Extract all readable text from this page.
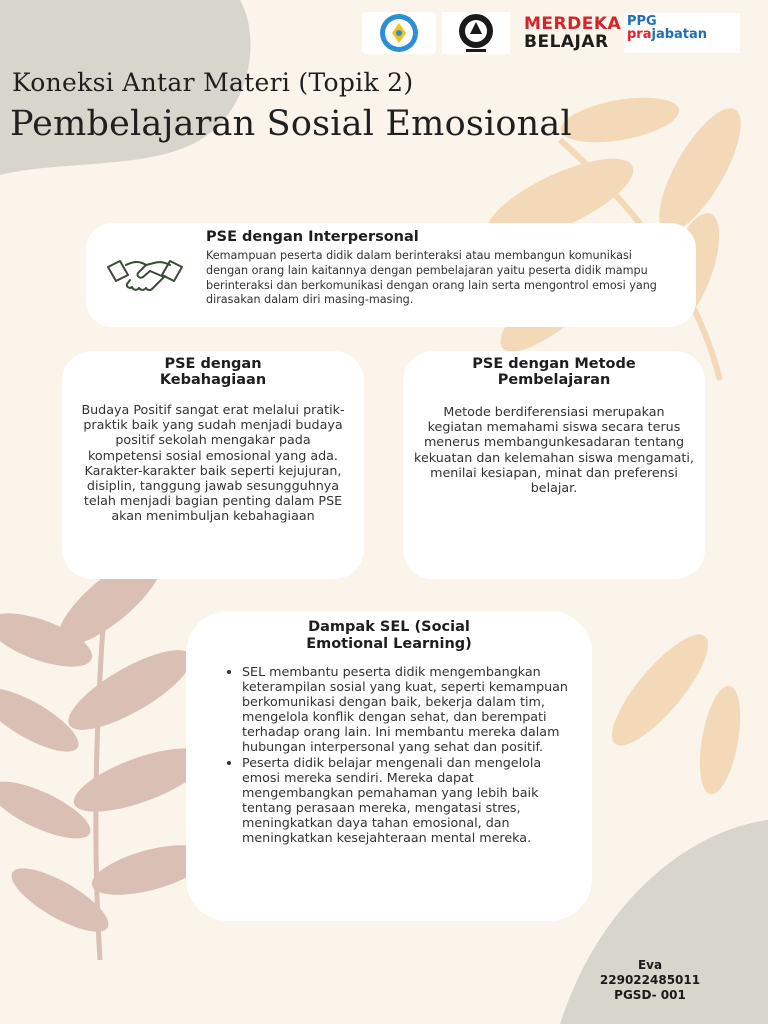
MERDEKA
BELAJAR
PPG
prajabatan
Koneksi Antar Materi (Topik 2)
Pembelajaran Sosial Emosional
PSE dengan Interpersonal

Kemampuan peserta didik dalam berinteraksi atau membangun komunikasi dengan orang lain kaitannya dengan pembelajaran yaitu peserta didik mampu berinteraksi dan berkomunikasi dengan orang lain serta mengontrol emosi yang dirasakan dalam diri masing-masing.

PSE dengan
Kebahagiaan

Budaya Positif sangat erat melalui pratik-praktik baik yang sudah menjadi budaya positif sekolah mengakar pada kompetensi sosial emosional yang ada. Karakter-karakter baik seperti kejujuran, disiplin, tanggung jawab sesungguhnya telah menjadi bagian penting dalam PSE akan menimbuljan kebahagiaan

PSE dengan Metode
Pembelajaran

Metode berdiferensiasi merupakan kegiatan memahami siswa secara terus menerus membangunkesadaran tentang kekuatan dan kelemahan siswa mengamati, menilai kesiapan, minat dan preferensi belajar.

Dampak SEL (Social
Emotional Learning)
• SEL membantu peserta didik mengembangkan keterampilan sosial yang kuat, seperti kemampuan berkomunikasi dengan baik, bekerja dalam tim, mengelola konflik dengan sehat, dan berempati terhadap orang lain. Ini membantu mereka dalam hubungan interpersonal yang sehat dan positif.
• Peserta didik belajar mengenali dan mengelola emosi mereka sendiri. Mereka dapat mengembangkan pemahaman yang lebih baik tentang perasaan mereka, mengatasi stres, meningkatkan daya tahan emosional, dan meningkatkan kesejahteraan mental mereka.
Eva
229022485011
PGSD- 001
